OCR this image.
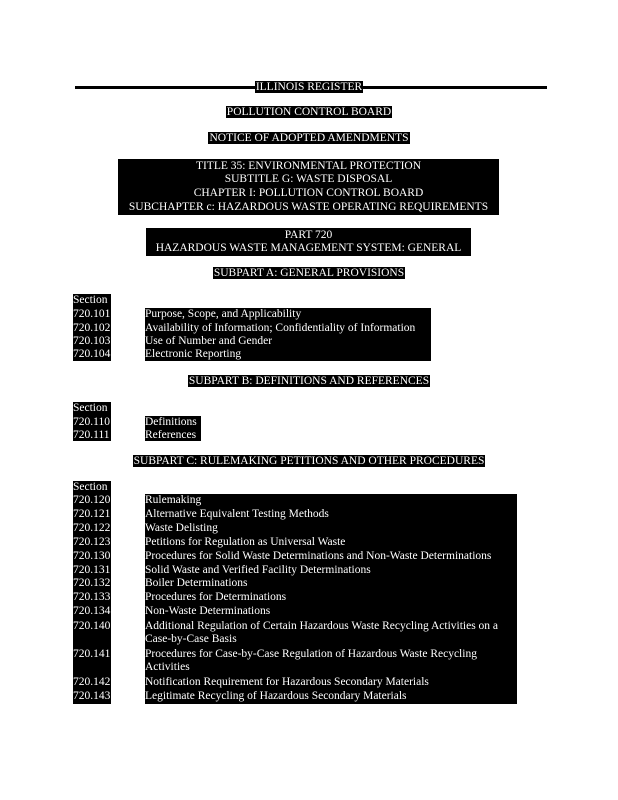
ILLINOIS REGISTER
POLLUTION CONTROL BOARD
NOTICE OF ADOPTED AMENDMENTS
TITLE 35: ENVIRONMENTAL PROTECTION
SUBTITLE G: WASTE DISPOSAL
CHAPTER I: POLLUTION CONTROL BOARD
SUBCHAPTER c: HAZARDOUS WASTE OPERATING REQUIREMENTS
PART 720
HAZARDOUS WASTE MANAGEMENT SYSTEM: GENERAL
SUBPART A: GENERAL PROVISIONS
Section
720.101	Purpose, Scope, and Applicability
720.102	Availability of Information; Confidentiality of Information
720.103	Use of Number and Gender
720.104	Electronic Reporting
SUBPART B: DEFINITIONS AND REFERENCES
Section
720.110	Definitions
720.111	References
SUBPART C: RULEMAKING PETITIONS AND OTHER PROCEDURES
Section
720.120	Rulemaking
720.121	Alternative Equivalent Testing Methods
720.122	Waste Delisting
720.123	Petitions for Regulation as Universal Waste
720.130	Procedures for Solid Waste Determinations and Non-Waste Determinations
720.131	Solid Waste and Verified Facility Determinations
720.132	Boiler Determinations
720.133	Procedures for Determinations
720.134	Non-Waste Determinations
720.140	Additional Regulation of Certain Hazardous Waste Recycling Activities on a
Case-by-Case Basis
720.141	Procedures for Case-by-Case Regulation of Hazardous Waste Recycling
Activities
720.142	Notification Requirement for Hazardous Secondary Materials
720.143	Legitimate Recycling of Hazardous Secondary Materials
